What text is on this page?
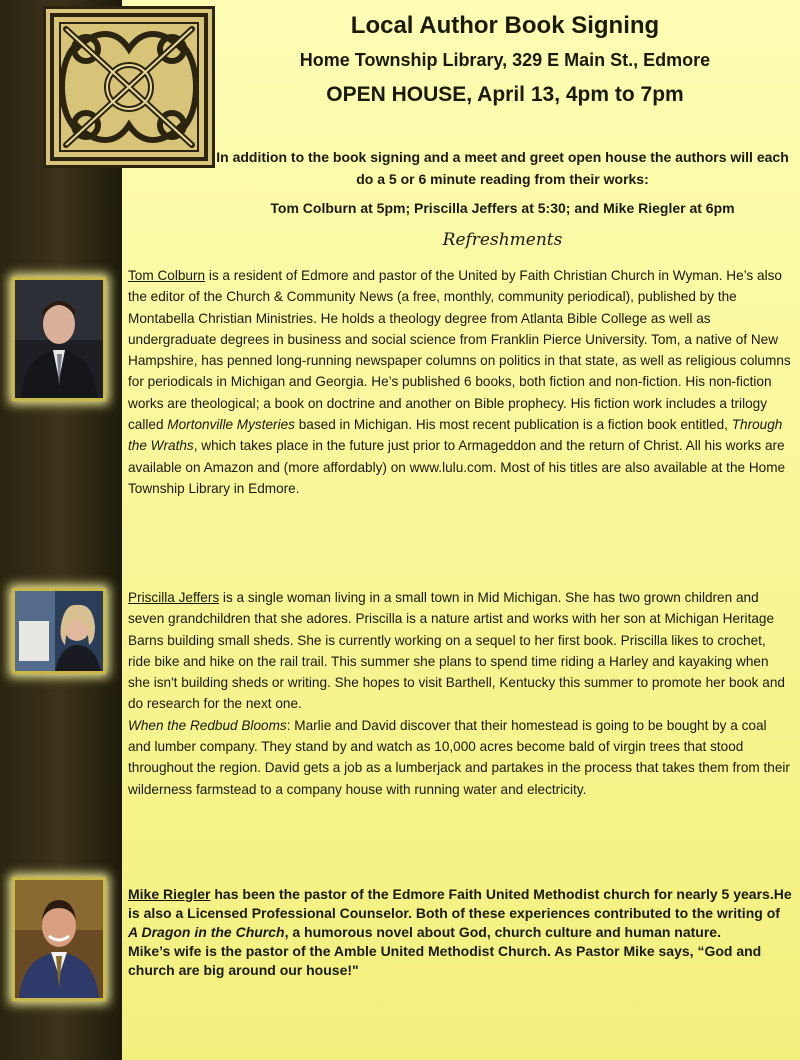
Local Author Book Signing
Home Township Library, 329 E Main St., Edmore
OPEN HOUSE, April 13, 4pm to 7pm
In addition to the book signing and a meet and greet open house the authors will each do a 5 or 6 minute reading from their works:
Tom Colburn at 5pm; Priscilla Jeffers at 5:30; and Mike Riegler at 6pm
Refreshments

Tom Colburn is a resident of Edmore and pastor of the United by Faith Christian Church in Wyman. He’s also the editor of the Church & Community News (a free, monthly, community periodical), published by the Montabella Christian Ministries. He holds a theology degree from Atlanta Bible College as well as undergraduate degrees in business and social science from Franklin Pierce University. Tom, a native of New Hampshire, has penned long-running newspaper columns on politics in that state, as well as religious columns for periodicals in Michigan and Georgia. He’s published 6 books, both fiction and non-fiction. His non-fiction works are theological; a book on doctrine and another on Bible prophecy. His fiction work includes a trilogy called Mortonville Mysteries based in Michigan. His most recent publication is a fiction book entitled, Through the Wraths, which takes place in the future just prior to Armageddon and the return of Christ. All his works are available on Amazon and (more affordably) on www.lulu.com. Most of his titles are also available at the Home Township Library in Edmore.

Priscilla Jeffers is a single woman living in a small town in Mid Michigan. She has two grown children and seven grandchildren that she adores. Priscilla is a nature artist and works with her son at Michigan Heritage Barns building small sheds. She is currently working on a sequel to her first book. Priscilla likes to crochet, ride bike and hike on the rail trail. This summer she plans to spend time riding a Harley and kayaking when she isn't building sheds or writing. She hopes to visit Barthell, Kentucky this summer to promote her book and do research for the next one.

When the Redbud Blooms: Marlie and David discover that their homestead is going to be bought by a coal and lumber company. They stand by and watch as 10,000 acres become bald of virgin trees that stood throughout the region. David gets a job as a lumberjack and partakes in the process that takes them from their wilderness farmstead to a company house with running water and electricity.

Mike Riegler has been the pastor of the Edmore Faith United Methodist church for nearly 5 years.He is also a Licensed Professional Counselor. Both of these experiences contributed to the writing of A Dragon in the Church, a humorous novel about God, church culture and human nature.

Mike’s wife is the pastor of the Amble United Methodist Church. As Pastor Mike says, “God and church are big around our house!"
